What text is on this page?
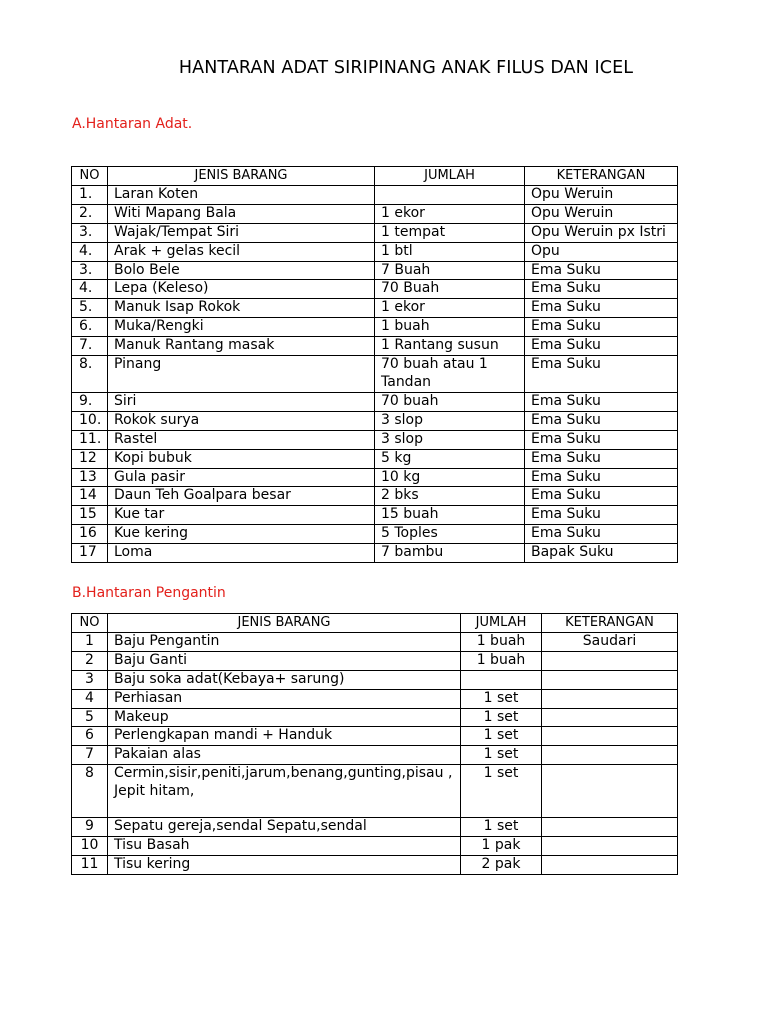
HANTARAN ADAT SIRIPINANG ANAK FILUS DAN ICEL
A.Hantaran Adat.
NO	JENIS BARANG	JUMLAH	KETERANGAN
1.	Laran Koten		Opu Weruin
2.	Witi Mapang Bala	1 ekor	Opu Weruin
3.	Wajak/Tempat Siri	1 tempat	Opu Weruin px Istri
4.	Arak + gelas kecil	1 btl	Opu
3.	Bolo Bele	7 Buah	Ema Suku
4.	Lepa (Keleso)	70 Buah	Ema Suku
5.	Manuk Isap Rokok	1 ekor	Ema Suku
6.	Muka/Rengki	1 buah	Ema Suku
7.	Manuk Rantang masak	1 Rantang susun	Ema Suku
8.	Pinang	70 buah atau 1 Tandan	Ema Suku
9.	Siri	70 buah	Ema Suku
10.	Rokok surya	3 slop	Ema Suku
11.	Rastel	3 slop	Ema Suku
12	Kopi bubuk	5 kg	Ema Suku
13	Gula pasir	10 kg	Ema Suku
14	Daun Teh Goalpara besar	2 bks	Ema Suku
15	Kue tar	15 buah	Ema Suku
16	Kue kering	5 Toples	Ema Suku
17	Loma	7 bambu	Bapak Suku
B.Hantaran Pengantin
NO	JENIS BARANG	JUMLAH	KETERANGAN
1	Baju Pengantin	1 buah	Saudari
2	Baju Ganti	1 buah	
3	Baju soka adat(Kebaya+ sarung)		
4	Perhiasan	1 set	
5	Makeup	1 set	
6	Perlengkapan mandi + Handuk	1 set	
7	Pakaian alas	1 set	
8	Cermin,sisir,peniti,jarum,benang,gunting,pisau , Jepit hitam,	1 set	
9	Sepatu gereja,sendal Sepatu,sendal	1 set	
10	Tisu Basah	1 pak	
11	Tisu kering	2 pak	
